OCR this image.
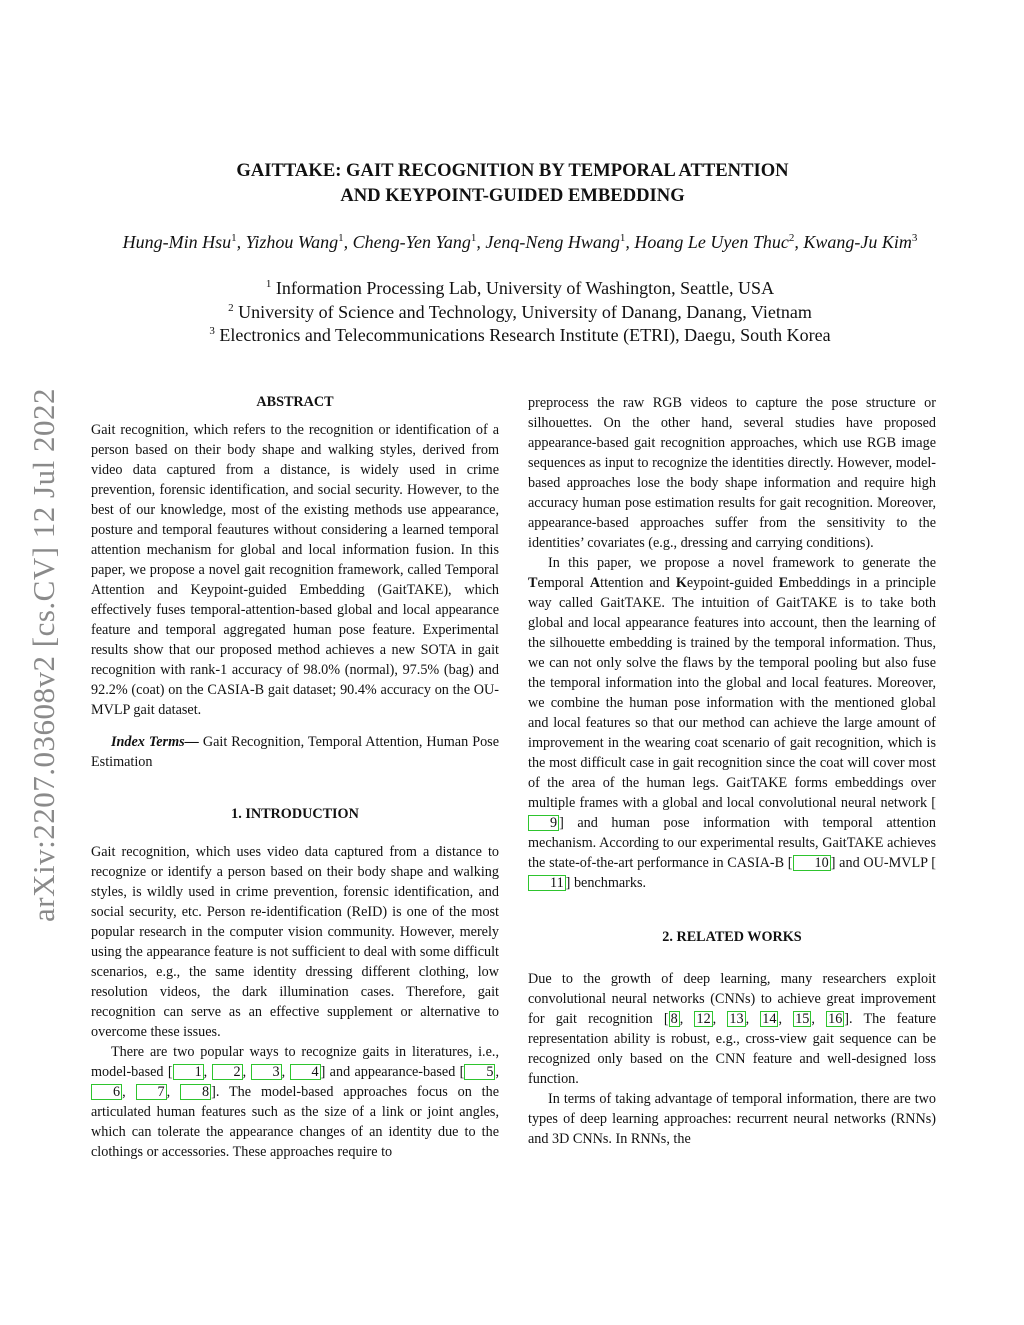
arXiv:2207.03608v2 [cs.CV] 12 Jul 2022
GAITTAKE: GAIT RECOGNITION BY TEMPORAL ATTENTION
AND KEYPOINT-GUIDED EMBEDDING
Hung-Min Hsu$^1$, Yizhou Wang$^1$, Cheng-Yen Yang$^1$, Jenq-Neng Hwang$^1$, Hoang Le Uyen Thuc$^2$, Kwang-Ju Kim$^3$
$^1$ Information Processing Lab, University of Washington, Seattle, USA
$^2$ University of Science and Technology, University of Danang, Danang, Vietnam
$^3$ Electronics and Telecommunications Research Institute (ETRI), Daegu, South Korea
ABSTRACT

Gait recognition, which refers to the recognition or identification of a person based on their body shape and walking styles, derived from video data captured from a distance, is widely used in crime prevention, forensic identification, and social security. However, to the best of our knowledge, most of the existing methods use appearance, posture and temporal feautures without considering a learned temporal attention mechanism for global and local information fusion. In this paper, we propose a novel gait recognition framework, called Temporal Attention and Keypoint-guided Embedding (GaitTAKE), which effectively fuses temporal-attention-based global and local appearance feature and temporal aggregated human pose feature. Experimental results show that our proposed method achieves a new SOTA in gait recognition with rank-1 accuracy of 98.0% (normal), 97.5% (bag) and 92.2% (coat) on the CASIA-B gait dataset; 90.4% accuracy on the OU-MVLP gait dataset.

Index Terms— Gait Recognition, Temporal Attention, Human Pose Estimation

1. INTRODUCTION

Gait recognition, which uses video data captured from a distance to recognize or identify a person based on their body shape and walking styles, is wildly used in crime prevention, forensic identification, and social security, etc. Person re-identification (ReID) is one of the most popular research in the computer vision community. However, merely using the appearance feature is not sufficient to deal with some difficult scenarios, e.g., the same identity dressing different clothing, low resolution videos, the dark illumination cases. Therefore, gait recognition can serve as an effective supplement or alternative to overcome these issues.

There are two popular ways to recognize gaits in literatures, i.e., model-based [ 1 , 2 , 3 , 4 ] and appearance-based [ 5 , 6 , 7 , 8 ]. The model-based approaches focus on the articulated human features such as the size of a link or joint angles, which can tolerate the appearance changes of an identity due to the clothings or accessories. These approaches require to

preprocess the raw RGB videos to capture the pose structure or silhouettes. On the other hand, several studies have proposed appearance-based gait recognition approaches, which use RGB image sequences as input to recognize the identities directly. However, model-based approaches lose the body shape information and require high accuracy human pose estimation results for gait recognition. Moreover, appearance-based approaches suffer from the sensitivity to the identities’ covariates (e.g., dressing and carrying conditions).

In this paper, we propose a novel framework to generate the Temporal Attention and Keypoint-guided Embeddings in a principle way called GaitTAKE. The intuition of GaitTAKE is to take both global and local appearance features into account, then the learning of the silhouette embedding is trained by the temporal information. Thus, we can not only solve the flaws by the temporal pooling but also fuse the temporal information into the global and local features. Moreover, we combine the human pose information with the mentioned global and local features so that our method can achieve the large amount of improvement in the wearing coat scenario of gait recognition, which is the most difficult case in gait recognition since the coat will cover most of the area of the human legs. GaitTAKE forms embeddings over multiple frames with a global and local convolutional neural network [9 ] and human pose information with temporal attention mechanism. According to our experimental results, GaitTAKE achieves the state-of-the-art performance in CASIA-B [ 10 ] and OU-MVLP [11 ] benchmarks.

2. RELATED WORKS

Due to the growth of deep learning, many researchers exploit convolutional neural networks (CNNs) to achieve great improvement for gait recognition [ 8 , 12 , 13 , 14 , 15 , 16 ]. The feature representation ability is robust, e.g., cross-view gait sequence can be recognized only based on the CNN feature and well-designed loss function.

In terms of taking advantage of temporal information, there are two types of deep learning approaches: recurrent neural networks (RNNs) and 3D CNNs. In RNNs, the
